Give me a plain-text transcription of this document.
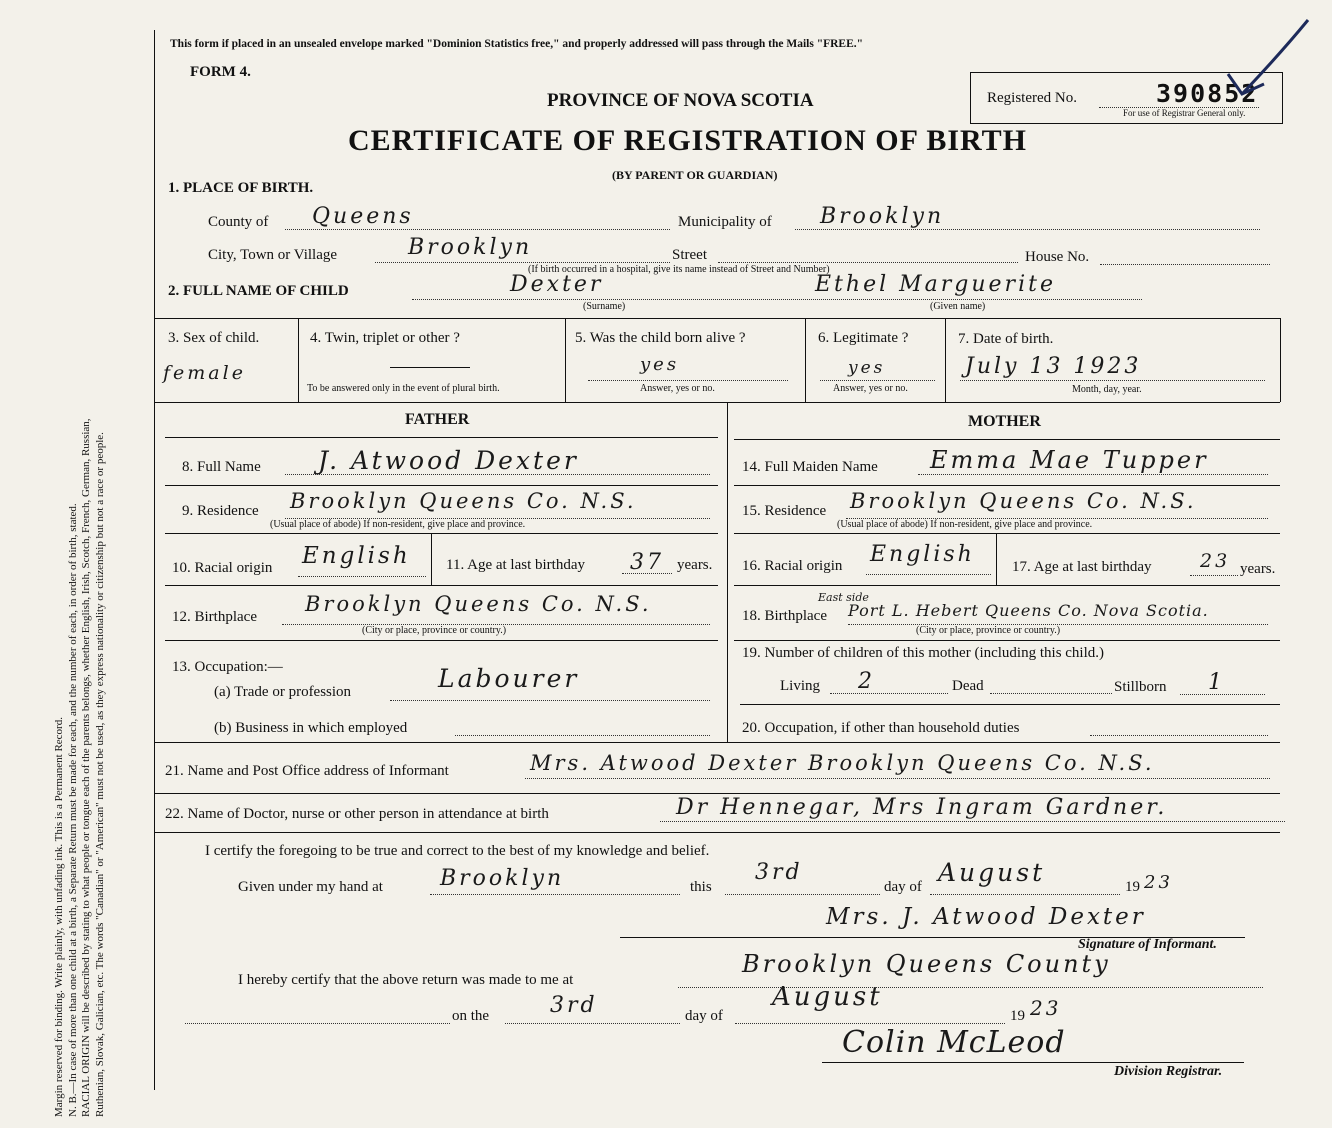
Margin reserved for binding. Write plainly, with unfading ink. This is a Permanent Record. N. B.—In case of more than one child at a birth, a Separate Return must be made for each, and the number of each, in order of birth, stated. RACIAL ORIGIN will be described by stating to what people or tongue each of the parents belongs, whether English, Irish, Scotch, French, German, Russian, Ruthenian, Slovak, Galician, etc. The words "Canadian" or "American" must not be used, as they express nationality or citizenship but not a race or people.
This form if placed in an unsealed envelope marked "Dominion Statistics free," and properly addressed will pass through the Mails "FREE."
FORM 4.
PROVINCE OF NOVA SCOTIA
CERTIFICATE OF REGISTRATION OF BIRTH
(BY PARENT OR GUARDIAN)
Registered No.	390852
For use of Registrar General only.
1. PLACE OF BIRTH.
County of Queens	Municipality of Brooklyn
City, Town or Village	Brooklyn	Street	House No.
(If birth occurred in a hospital, give its name instead of Street and Number)
2. FULL NAME OF CHILD	Dexter	Ethel Marguerite
(Surname)	(Given name)
3. Sex of child.
female
4. Twin, triplet or other ?
To be answered only in the event of plural birth.
5. Was the child born alive ?
yes
Answer, yes or no.
6. Legitimate ?
yes
Answer, yes or no.
7. Date of birth.
July 13 1923
Month, day, year.
FATHER	MOTHER
8. Full Name J. Atwood Dexter	14. Full Maiden Name Emma Mae Tupper
9. Residence Brooklyn Queens Co. N.S.
(Usual place of abode) If non-resident, give place and province.
15. Residence Brooklyn Queens Co. N.S.
(Usual place of abode) If non-resident, give place and province.
10. Racial origin English 11. Age at last birthday 37 years. 16. Racial origin English 17. Age at last birthday	23 years.
12. Birthplace
Brooklyn Queens Co. N.S.
(City or place, province or country.)
18. Birthplace
East side
Port L. Hebert Queens Co. Nova Scotia.
(City or place, province or country.)
13. Occupation:—
(a) Trade or profession	Labourer
(b) Business in which employed
19. Number of children of this mother (including this child.)
Living 2	Dead	Stillborn 1
20. Occupation, if other than household duties
21. Name and Post Office address of Informant	Mrs. Atwood Dexter Brooklyn Queens Co. N.S.
22. Name of Doctor, nurse or other person in attendance at birth	Dr Hennegar, Mrs Ingram Gardner.
I certify the foregoing to be true and correct to the best of my knowledge and belief.
Given under my hand at	Brooklyn	this
3rd
day of August	19 23
Mrs. J. Atwood Dexter
Signature of Informant.
I hereby certify that the above return was made to me at
Brooklyn Queens County
on the	3rd	day of
August
19 23
Colin McLeod
Division Registrar.
